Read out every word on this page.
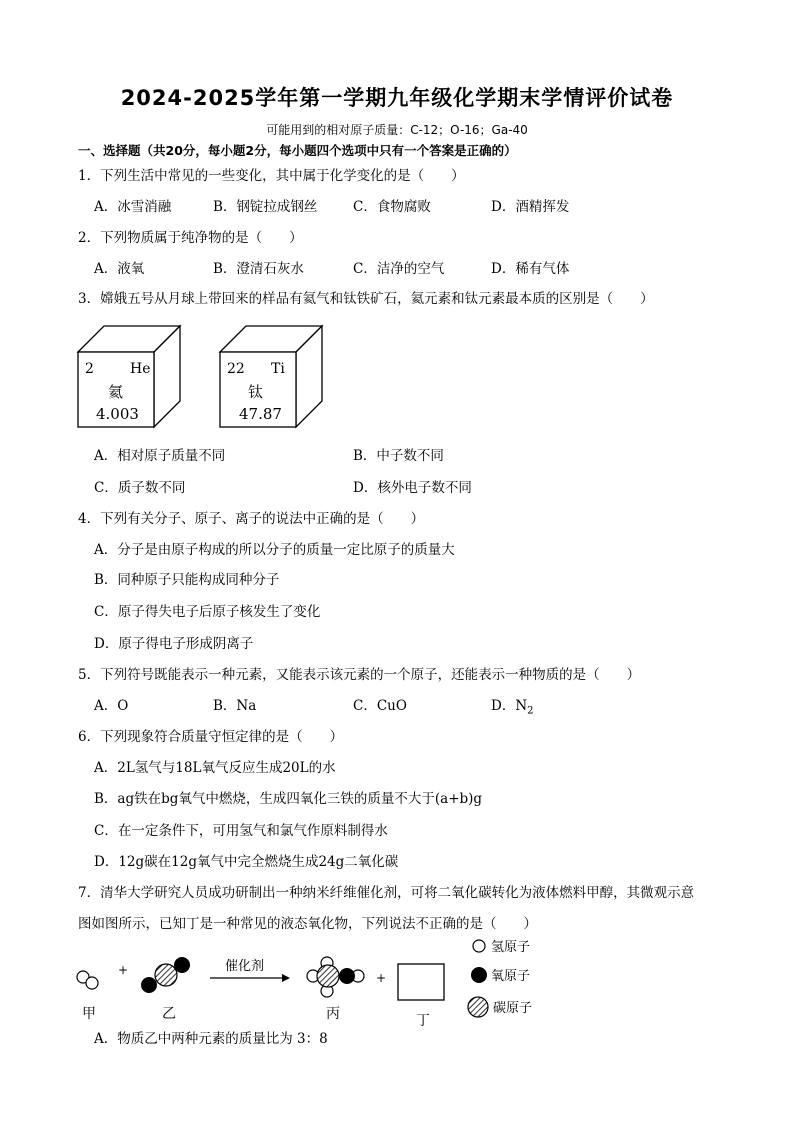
2024-2025学年第一学期九年级化学期末学情评价试卷
可能用到的相对原子质量：C-12；O-16；Ga-40
一、选择题（共20分，每小题2分，每小题四个选项中只有一个答案是正确的）
1．下列生活中常见的一些变化，其中属于化学变化的是（　　）
A．冰雪消融	B．钢锭拉成钢丝	C．食物腐败	D．酒精挥发
2．下列物质属于纯净物的是（　　）
A．液氧	B．澄清石灰水	C．洁净的空气	D．稀有气体
3．嫦娥五号从月球上带回来的样品有氦气和钛铁矿石，氦元素和钛元素最本质的区别是（　　）
2	He
氦
4.003
22 Ti
钛
47.87
A．相对原子质量不同	B．中子数不同
C．质子数不同	D．核外电子数不同
4．下列有关分子、原子、离子的说法中正确的是（　　）
A．分子是由原子构成的所以分子的质量一定比原子的质量大
B．同种原子只能构成同种分子
C．原子得失电子后原子核发生了变化
D．原子得电子形成阴离子
5．下列符号既能表示一种元素，又能表示该元素的一个原子，还能表示一种物质的是（　　）
A．O	B．Na	C．CuO	D．$N_2$
6．下列现象符合质量守恒定律的是（　　）
A．2L氢气与18L氧气反应生成20L的水
B．ag铁在bg氧气中燃烧，生成四氧化三铁的质量不大于(a+b)g
C．在一定条件下，可用氢气和氯气作原料制得水
D．12g碳在12g氧气中完全燃烧生成24g二氧化碳
7．清华大学研究人员成功研制出一种纳米纤维催化剂，可将二氧化碳转化为液体燃料甲醇，其微观示意
图如图所示，已知丁是一种常见的液态氧化物，下列说法不正确的是（　　）
+	催化剂
+
甲	乙	丙	丁
氢原子
氧原子
碳原子
A．物质乙中两种元素的质量比为 3：8
